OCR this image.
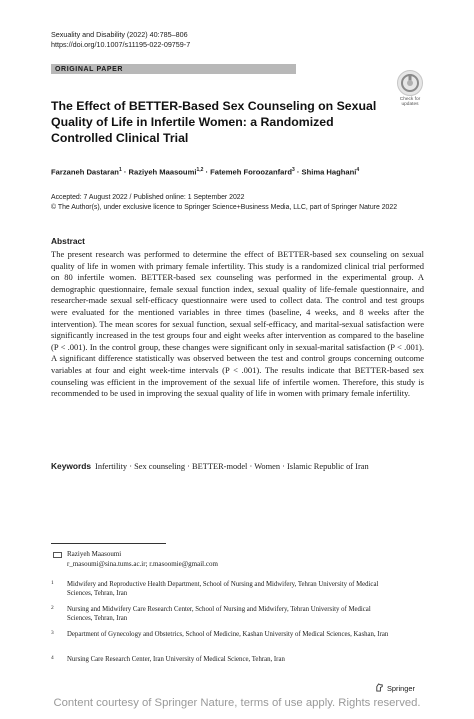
Sexuality and Disability (2022) 40:785–806
https://doi.org/10.1007/s11195-022-09759-7
ORIGINAL PAPER
Check for
updates
The Effect of BETTER-Based Sex Counseling on Sexual Quality of Life in Infertile Women: a Randomized Controlled Clinical Trial
Farzaneh Dastaran$^1$ · Raziyeh Maasoumi$^{1,2}$ · Fatemeh Foroozanfard$^3$ · Shima Haghani$^4$
Accepted: 7 August 2022 / Published online: 1 September 2022
© The Author(s), under exclusive licence to Springer Science+Business Media, LLC, part of Springer Nature 2022
Abstract
The present research was performed to determine the effect of BETTER-based sex counseling on sexual quality of life in women with primary female infertility. This study is a randomized clinical trial performed on 80 infertile women. BETTER-based sex counseling was performed in the experimental group. A demographic questionnaire, female sexual function index, sexual quality of life-female questionnaire, and researcher-made sexual self-efficacy questionnaire were used to collect data. The control and test groups were evaluated for the mentioned variables in three times (baseline, 4 weeks, and 8 weeks after the intervention). The mean scores for sexual function, sexual self-efficacy, and marital-sexual satisfaction were significantly increased in the test groups four and eight weeks after intervention as compared to the baseline (P < .001). In the control group, these changes were significant only in sexual-marital satisfaction (P < .001). A significant difference statistically was observed between the test and control groups concerning outcome variables at four and eight week-time intervals (P < .001). The results indicate that BETTER-based sex counseling was efficient in the improvement of the sexual life of infertile women. Therefore, this study is recommended to be used in improving the sexual quality of life in women with primary female infertility.
Keywords Infertility · Sex counseling · BETTER-model · Women · Islamic Republic of Iran
Raziyeh Maasoumi
r_masoumi@sina.tums.ac.ir; r.masoomie@gmail.com
1 Midwifery and Reproductive Health Department, School of Nursing and Midwifery, Tehran University of Medical Sciences, Tehran, Iran
2 Nursing and Midwifery Care Research Center, School of Nursing and Midwifery, Tehran University of Medical Sciences, Tehran, Iran
3 Department of Gynecology and Obstetrics, School of Medicine, Kashan University of Medical Sciences, Kashan, Iran
4 Nursing Care Research Center, Iran University of Medical Science, Tehran, Iran
Springer
Content courtesy of Springer Nature, terms of use apply. Rights reserved.
